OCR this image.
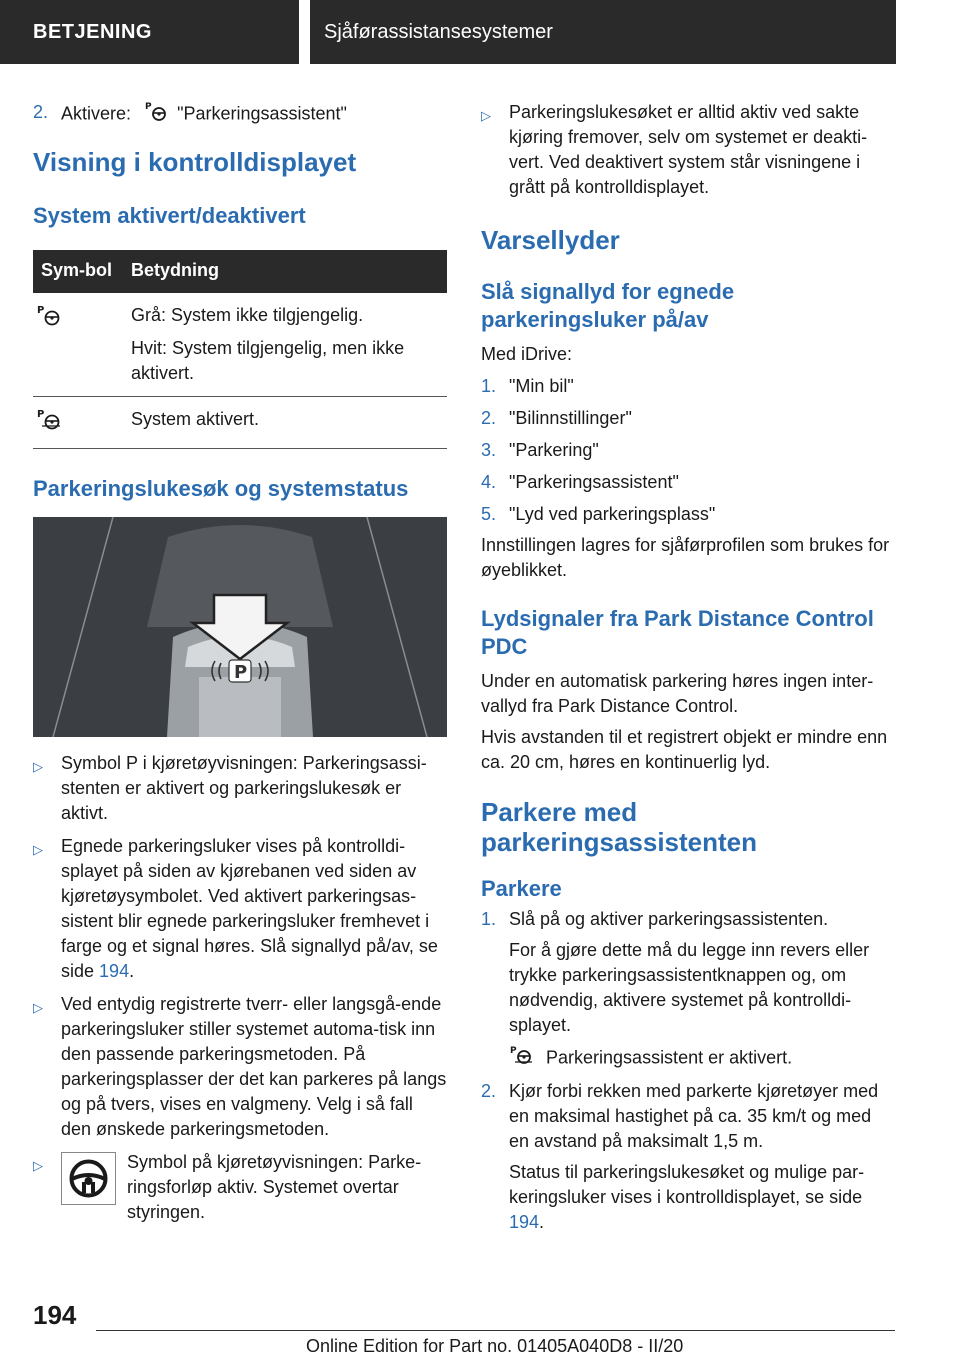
BETJENING	Sjåførassistansesystemer
2. Aktivere: P "Parkeringsassistent"
Visning i kontrolldisplayet
System aktivert/deaktivert
Sym-bol	Betydning

P	Grå: System ikke tilgjengelig.

Hvit: System tilgjengelig, men ikke aktivert.

P	System aktivert.
Parkeringslukesøk og systemstatus
P
▷ Symbol P i kjøretøyvisningen: Parkeringsassi-stenten er aktivert og parkeringslukesøk er aktivt.
▷ Egnede parkeringsluker vises på kontrolldi-splayet på siden av kjørebanen ved siden av kjøretøysymbolet. Ved aktivert parkeringsas-sistent blir egnede parkeringsluker fremhevet i farge og et signal høres. Slå signallyd på/av, se side 194.
▷ Ved entydig registrerte tverr- eller langsgå-ende parkeringsluker stiller systemet automa-tisk inn den passende parkeringsmetoden. På parkeringsplasser der det kan parkeres på langs og på tvers, vises en valgmeny. Velg i så fall den ønskede parkeringsmetoden.
▷	Symbol på kjøretøyvisningen: Parke-ringsforløp aktiv. Systemet overtar styringen.
▷ Parkeringslukesøket er alltid aktiv ved sakte kjøring fremover, selv om systemet er deakti-vert. Ved deaktivert system står visningene i grått på kontrolldisplayet.
Varsellyder
Slå signallyd for egnede parkeringsluker på/av

Med iDrive:

1. "Min bil"
2. "Bilinnstillinger"
3. "Parkering"
4. "Parkeringsassistent"
5. "Lyd ved parkeringsplass"

Innstillingen lagres for sjåførprofilen som brukes for øyeblikket.

Lydsignaler fra Park Distance Control PDC

Under en automatisk parkering høres ingen inter-vallyd fra Park Distance Control.

Hvis avstanden til et registrert objekt er mindre enn ca. 20 cm, høres en kontinuerlig lyd.

Parkere med parkeringsassistenten
Parkere
1. Slå på og aktiver parkeringsassistenten.

For å gjøre dette må du legge inn revers eller trykke parkeringsassistentknappen og, om nødvendig, aktivere systemet på kontrolldi-splayet.

P Parkeringsassistent er aktivert.

2. Kjør forbi rekken med parkerte kjøretøyer med en maksimal hastighet på ca. 35 km/t og med en avstand på maksimalt 1,5 m.

Status til parkeringslukesøket og mulige par-keringsluker vises i kontrolldisplayet, se side 194.

194
Online Edition for Part no. 01405A040D8 - II/20
